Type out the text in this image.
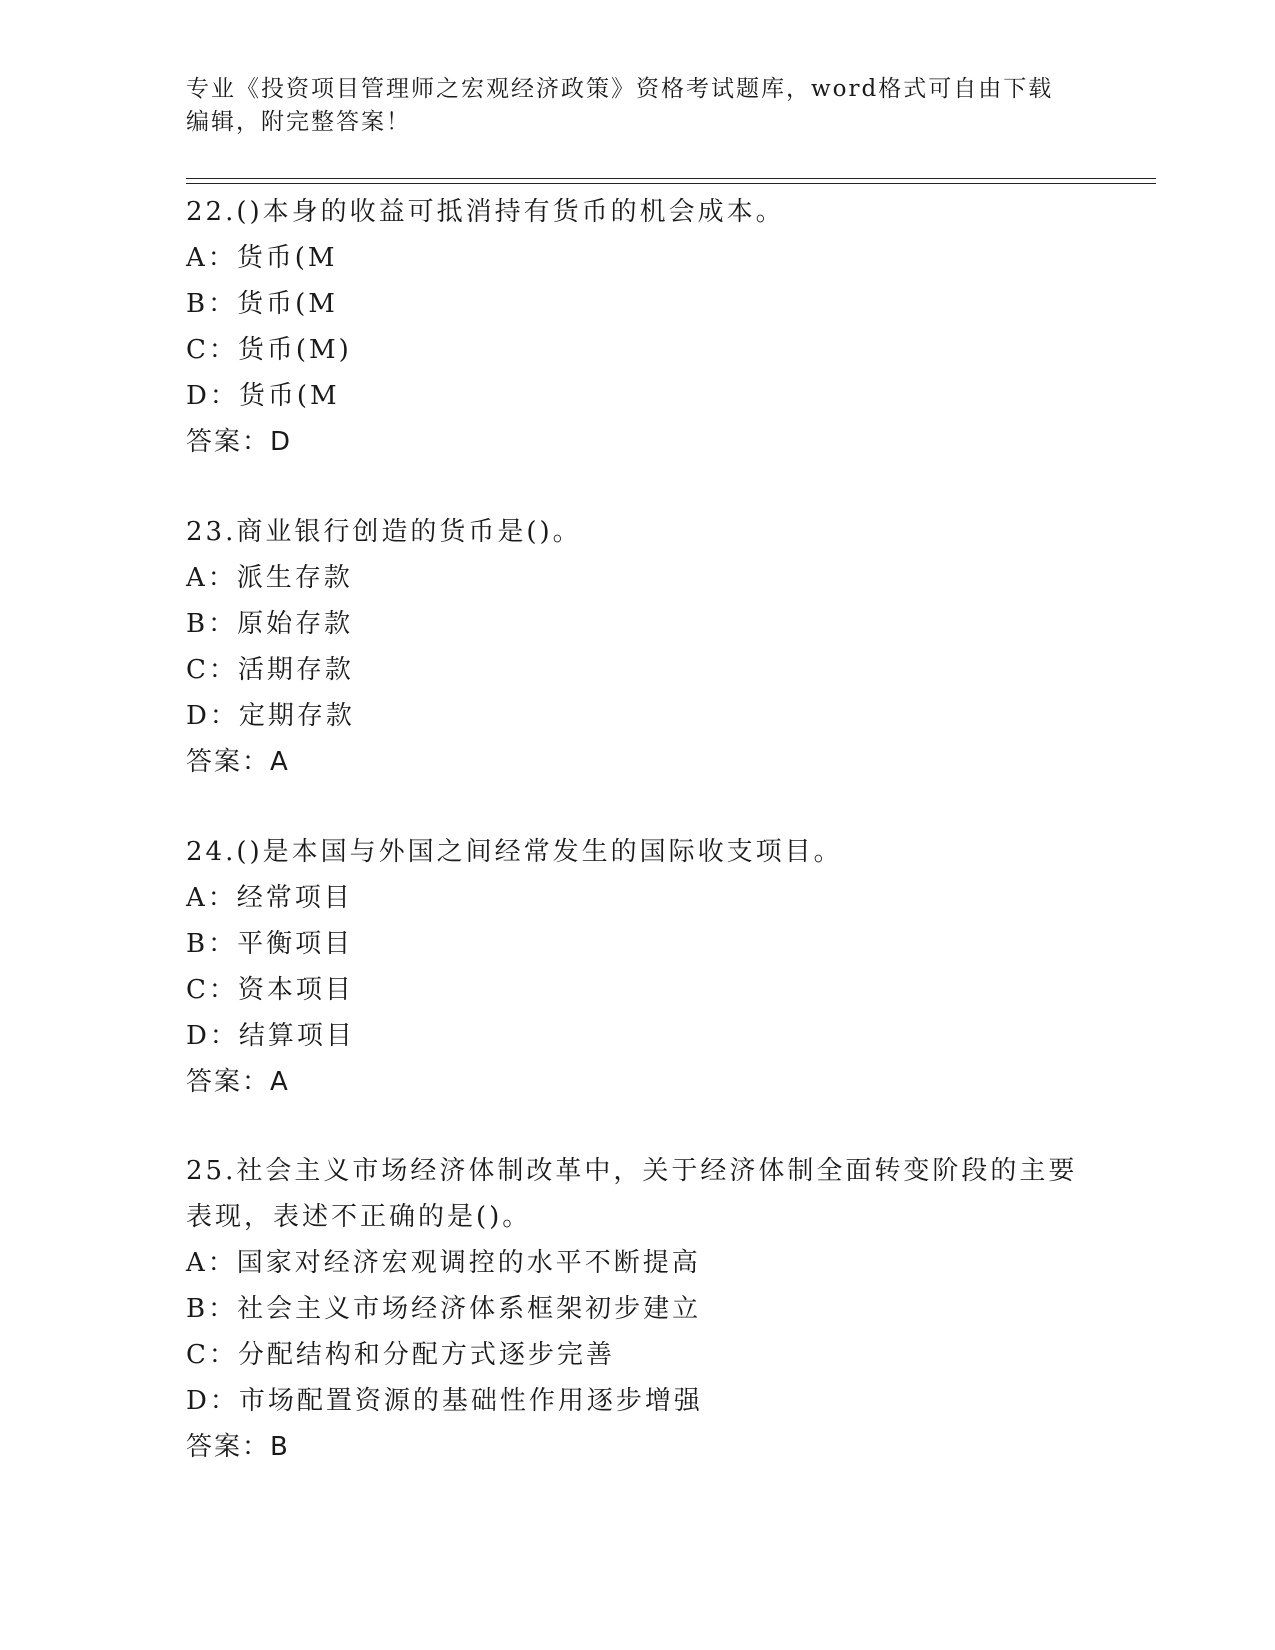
专业《投资项目管理师之宏观经济政策》资格考试题库，word格式可自由下载编辑，附完整答案！
22.()本身的收益可抵消持有货币的机会成本。
A：货币(M
B：货币(M
C：货币(M)
D：货币(M
答案：D
23.商业银行创造的货币是()。
A：派生存款
B：原始存款
C：活期存款
D：定期存款
答案：A
24.()是本国与外国之间经常发生的国际收支项目。
A：经常项目
B：平衡项目
C：资本项目
D：结算项目
答案：A
25.社会主义市场经济体制改革中，关于经济体制全面转变阶段的主要表现，表述不正确的是()。
A：国家对经济宏观调控的水平不断提高
B：社会主义市场经济体系框架初步建立
C：分配结构和分配方式逐步完善
D：市场配置资源的基础性作用逐步增强
答案：B
